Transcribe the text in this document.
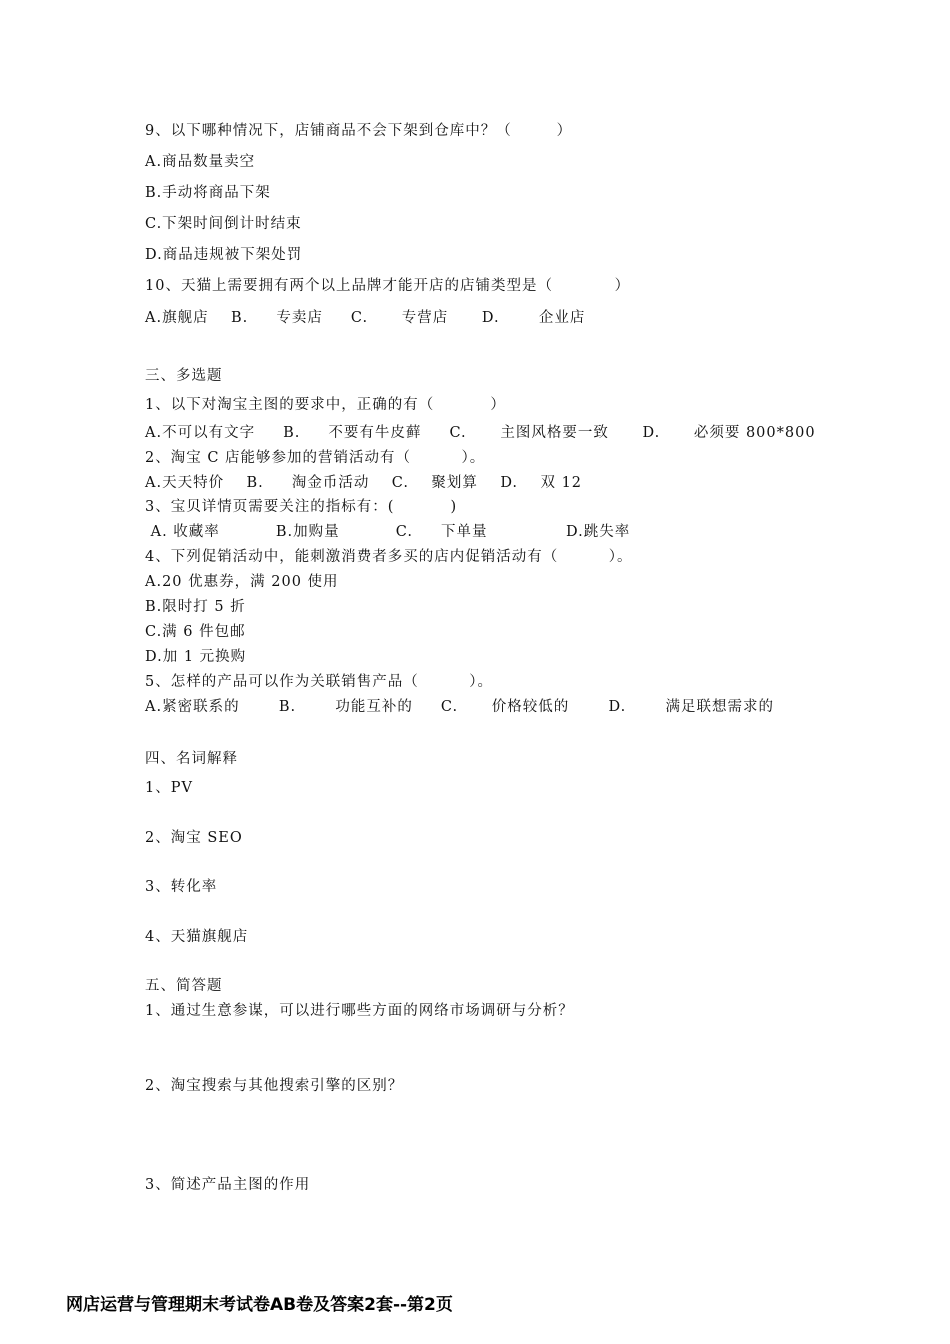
9、以下哪种情况下，店铺商品不会下架到仓库中？（        ）
A.商品数量卖空
B.手动将商品下架
C.下架时间倒计时结束
D.商品违规被下架处罚
10、天猫上需要拥有两个以上品牌才能开店的店铺类型是（           ）
A.旗舰店    B.     专卖店     C.      专营店      D.       企业店
三、多选题
1、以下对淘宝主图的要求中，正确的有（          ）
A.不可以有文字     B.     不要有牛皮藓     C.      主图风格要一致      D.      必须要 800*800
2、淘宝 C 店能够参加的营销活动有（         ）。
A.天天特价    B.     淘金币活动    C.    聚划算    D.    双 12
3、宝贝详情页需要关注的指标有：(          )
A. 收藏率          B.加购量          C.     下单量              D.跳失率
4、下列促销活动中，能刺激消费者多买的店内促销活动有（         ）。
A.20 优惠券，满 200 使用
B.限时打 5 折
C.满 6 件包邮
D.加 1 元换购
5、怎样的产品可以作为关联销售产品（         ）。
A.紧密联系的       B.       功能互补的     C.      价格较低的       D.       满足联想需求的
四、名词解释
1、PV
2、淘宝 SEO
3、转化率
4、天猫旗舰店
五、简答题
1、通过生意参谋，可以进行哪些方面的网络市场调研与分析？
2、淘宝搜索与其他搜索引擎的区别？
3、简述产品主图的作用
网店运营与管理期末考试卷AB卷及答案2套--第2页
